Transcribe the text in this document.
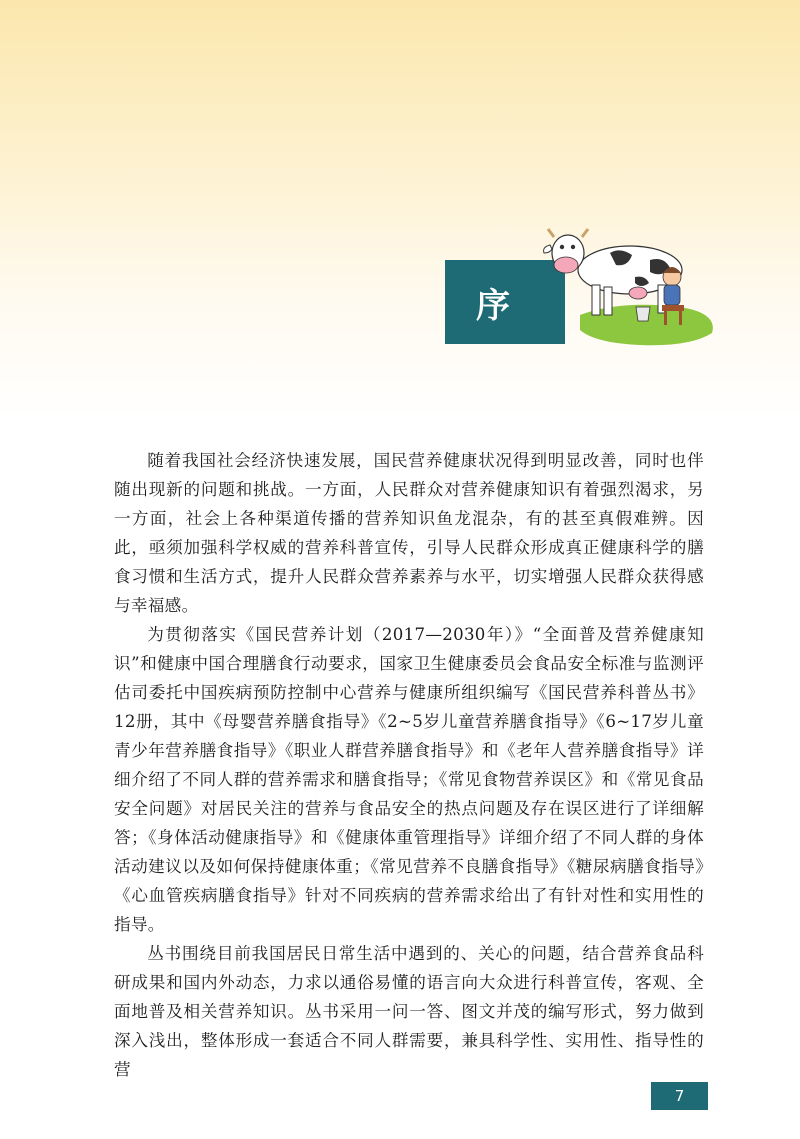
序

随着我国社会经济快速发展，国民营养健康状况得到明显改善，同时也伴随出现新的问题和挑战。一方面，人民群众对营养健康知识有着强烈渴求，另一方面，社会上各种渠道传播的营养知识鱼龙混杂，有的甚至真假难辨。因此，亟须加强科学权威的营养科普宣传，引导人民群众形成真正健康科学的膳食习惯和生活方式，提升人民群众营养素养与水平，切实增强人民群众获得感与幸福感。

为贯彻落实《国民营养计划（2017—2030年）》“全面普及营养健康知识”和健康中国合理膳食行动要求，国家卫生健康委员会食品安全标准与监测评估司委托中国疾病预防控制中心营养与健康所组织编写《国民营养科普丛书》12册，其中《母婴营养膳食指导》《2~5岁儿童营养膳食指导》《6~17岁儿童青少年营养膳食指导》《职业人群营养膳食指导》和《老年人营养膳食指导》详细介绍了不同人群的营养需求和膳食指导；《常见食物营养误区》和《常见食品安全问题》对居民关注的营养与食品安全的热点问题及存在误区进行了详细解答；《身体活动健康指导》和《健康体重管理指导》详细介绍了不同人群的身体活动建议以及如何保持健康体重；《常见营养不良膳食指导》《糖尿病膳食指导》《心血管疾病膳食指导》针对不同疾病的营养需求给出了有针对性和实用性的指导。

丛书围绕目前我国居民日常生活中遇到的、关心的问题，结合营养食品科研成果和国内外动态，力求以通俗易懂的语言向大众进行科普宣传，客观、全面地普及相关营养知识。丛书采用一问一答、图文并茂的编写形式，努力做到深入浅出，整体形成一套适合不同人群需要，兼具科学性、实用性、指导性的营

7
